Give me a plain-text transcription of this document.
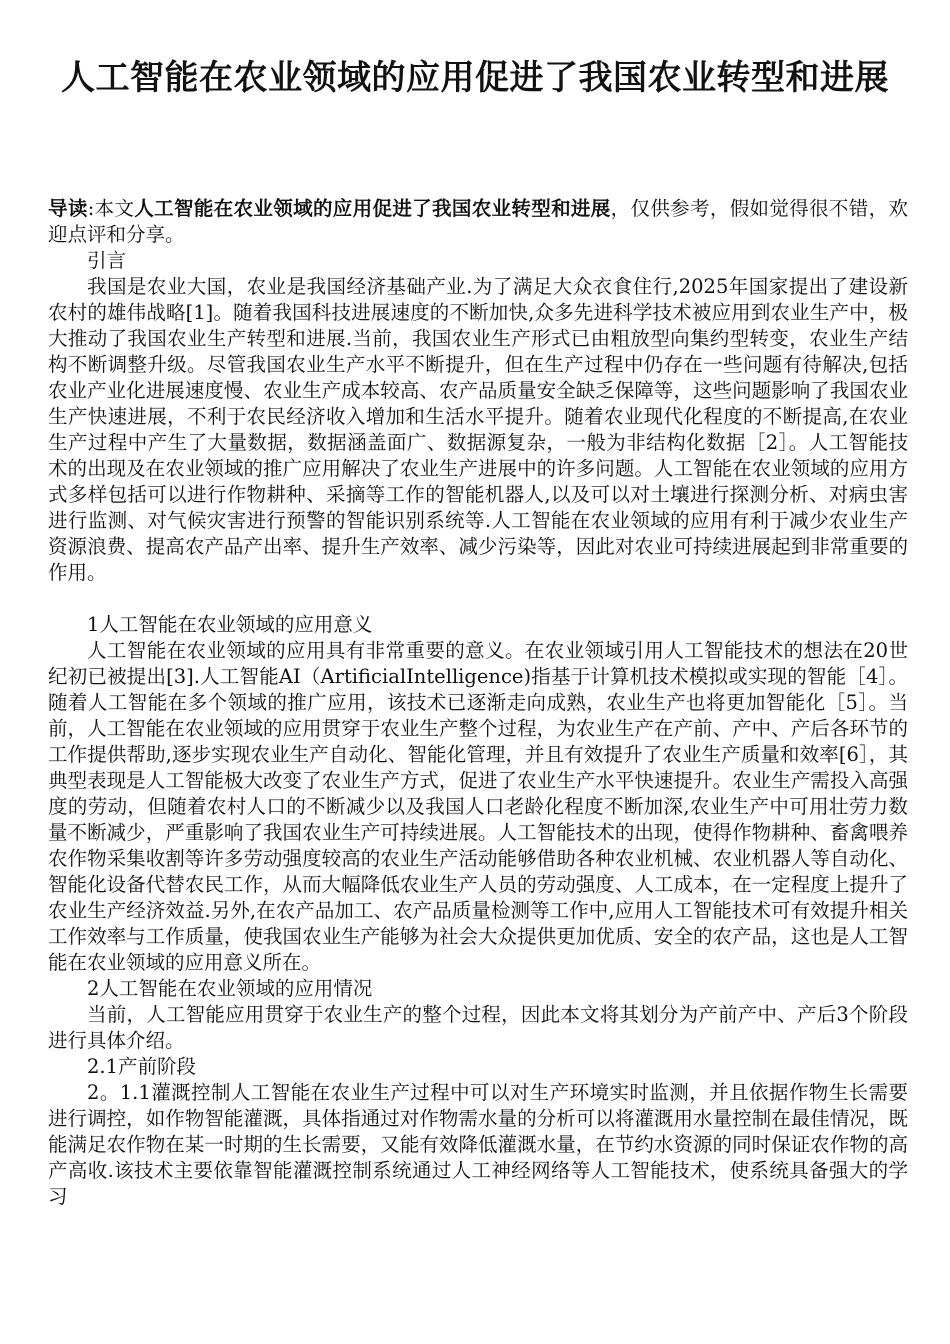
人工智能在农业领域的应用促进了我国农业转型和进展

导读:本文人工智能在农业领域的应用促进了我国农业转型和进展，仅供参考，假如觉得很不错，欢迎点评和分享。

引言

我国是农业大国，农业是我国经济基础产业.为了满足大众衣食住行,2025年国家提出了建设新农村的雄伟战略[1]。随着我国科技进展速度的不断加快,众多先进科学技术被应用到农业生产中，极大推动了我国农业生产转型和进展.当前，我国农业生产形式已由粗放型向集约型转变，农业生产结构不断调整升级。尽管我国农业生产水平不断提升，但在生产过程中仍存在一些问题有待解决,包括农业产业化进展速度慢、农业生产成本较高、农产品质量安全缺乏保障等，这些问题影响了我国农业生产快速进展，不利于农民经济收入增加和生活水平提升。随着农业现代化程度的不断提高,在农业生产过程中产生了大量数据，数据涵盖面广、数据源复杂，一般为非结构化数据［2］。人工智能技术的出现及在农业领域的推广应用解决了农业生产进展中的许多问题。人工智能在农业领域的应用方式多样包括可以进行作物耕种、采摘等工作的智能机器人,以及可以对土壤进行探测分析、对病虫害进行监测、对气候灾害进行预警的智能识别系统等.人工智能在农业领域的应用有利于减少农业生产资源浪费、提高农产品产出率、提升生产效率、减少污染等，因此对农业可持续进展起到非常重要的作用。

1人工智能在农业领域的应用意义

人工智能在农业领域的应用具有非常重要的意义。在农业领域引用人工智能技术的想法在20世纪初已被提出[3].人工智能AI（ArtificialIntelligence)指基于计算机技术模拟或实现的智能［4］。随着人工智能在多个领域的推广应用，该技术已逐渐走向成熟，农业生产也将更加智能化［5］。当前，人工智能在农业领域的应用贯穿于农业生产整个过程，为农业生产在产前、产中、产后各环节的工作提供帮助,逐步实现农业生产自动化、智能化管理，并且有效提升了农业生产质量和效率[6］，其典型表现是人工智能极大改变了农业生产方式，促进了农业生产水平快速提升。农业生产需投入高强度的劳动，但随着农村人口的不断减少以及我国人口老龄化程度不断加深,农业生产中可用壮劳力数量不断减少，严重影响了我国农业生产可持续进展。人工智能技术的出现，使得作物耕种、畜禽喂养农作物采集收割等许多劳动强度较高的农业生产活动能够借助各种农业机械、农业机器人等自动化、智能化设备代替农民工作，从而大幅降低农业生产人员的劳动强度、人工成本，在一定程度上提升了农业生产经济效益.另外,在农产品加工、农产品质量检测等工作中,应用人工智能技术可有效提升相关工作效率与工作质量，使我国农业生产能够为社会大众提供更加优质、安全的农产品，这也是人工智能在农业领域的应用意义所在。

2人工智能在农业领域的应用情况

当前，人工智能应用贯穿于农业生产的整个过程，因此本文将其划分为产前产中、产后3个阶段进行具体介绍。

2.1产前阶段

2。1.1灌溉控制人工智能在农业生产过程中可以对生产环境实时监测，并且依据作物生长需要进行调控，如作物智能灌溉，具体指通过对作物需水量的分析可以将灌溉用水量控制在最佳情况，既能满足农作物在某一时期的生长需要，又能有效降低灌溉水量，在节约水资源的同时保证农作物的高产高收.该技术主要依靠智能灌溉控制系统通过人工神经网络等人工智能技术，使系统具备强大的学习
